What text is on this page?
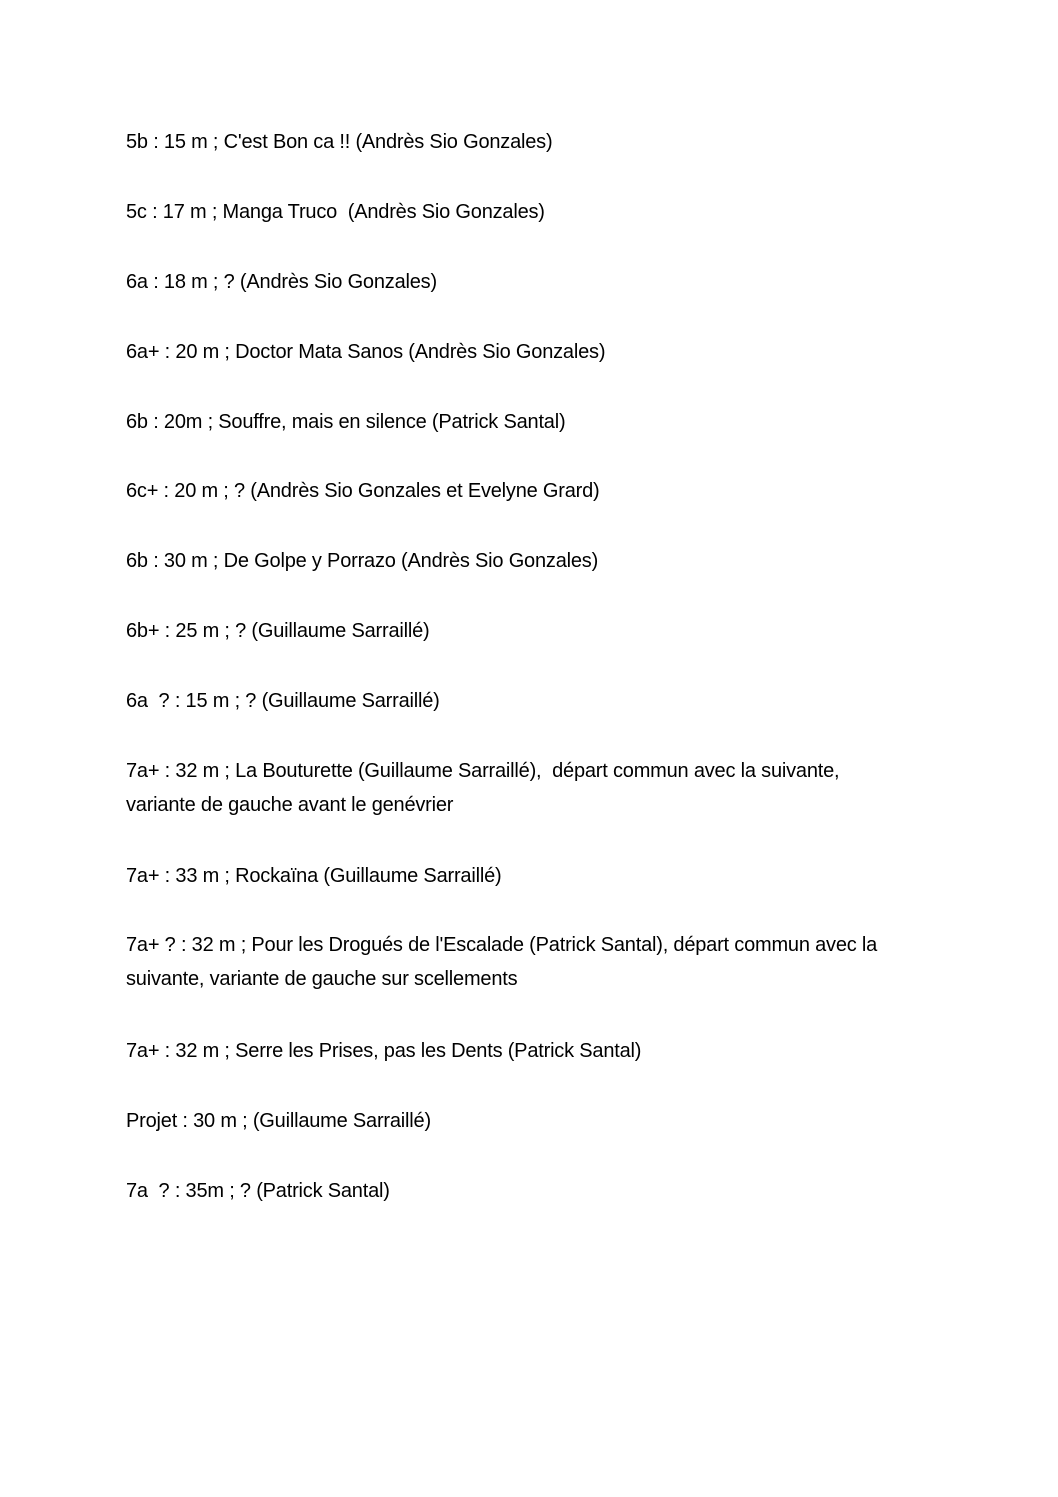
5b : 15 m ; C'est Bon ca !! (Andrès Sio Gonzales)

5c : 17 m ; Manga Truco  (Andrès Sio Gonzales)

6a : 18 m ; ? (Andrès Sio Gonzales)

6a+ : 20 m ; Doctor Mata Sanos (Andrès Sio Gonzales)

6b : 20m ; Souffre, mais en silence (Patrick Santal)

6c+ : 20 m ; ? (Andrès Sio Gonzales et Evelyne Grard)

6b : 30 m ; De Golpe y Porrazo (Andrès Sio Gonzales)

6b+ : 25 m ; ? (Guillaume Sarraillé)

6a  ? : 15 m ; ? (Guillaume Sarraillé)

7a+ : 32 m ; La Bouturette (Guillaume Sarraillé),  départ commun avec la suivante, variante de gauche avant le genévrier

7a+ : 33 m ; Rockaïna (Guillaume Sarraillé)

7a+ ? : 32 m ; Pour les Drogués de l'Escalade (Patrick Santal), départ commun avec la suivante, variante de gauche sur scellements

7a+ : 32 m ; Serre les Prises, pas les Dents (Patrick Santal)

Projet : 30 m ; (Guillaume Sarraillé)

7a  ? : 35m ; ? (Patrick Santal)
